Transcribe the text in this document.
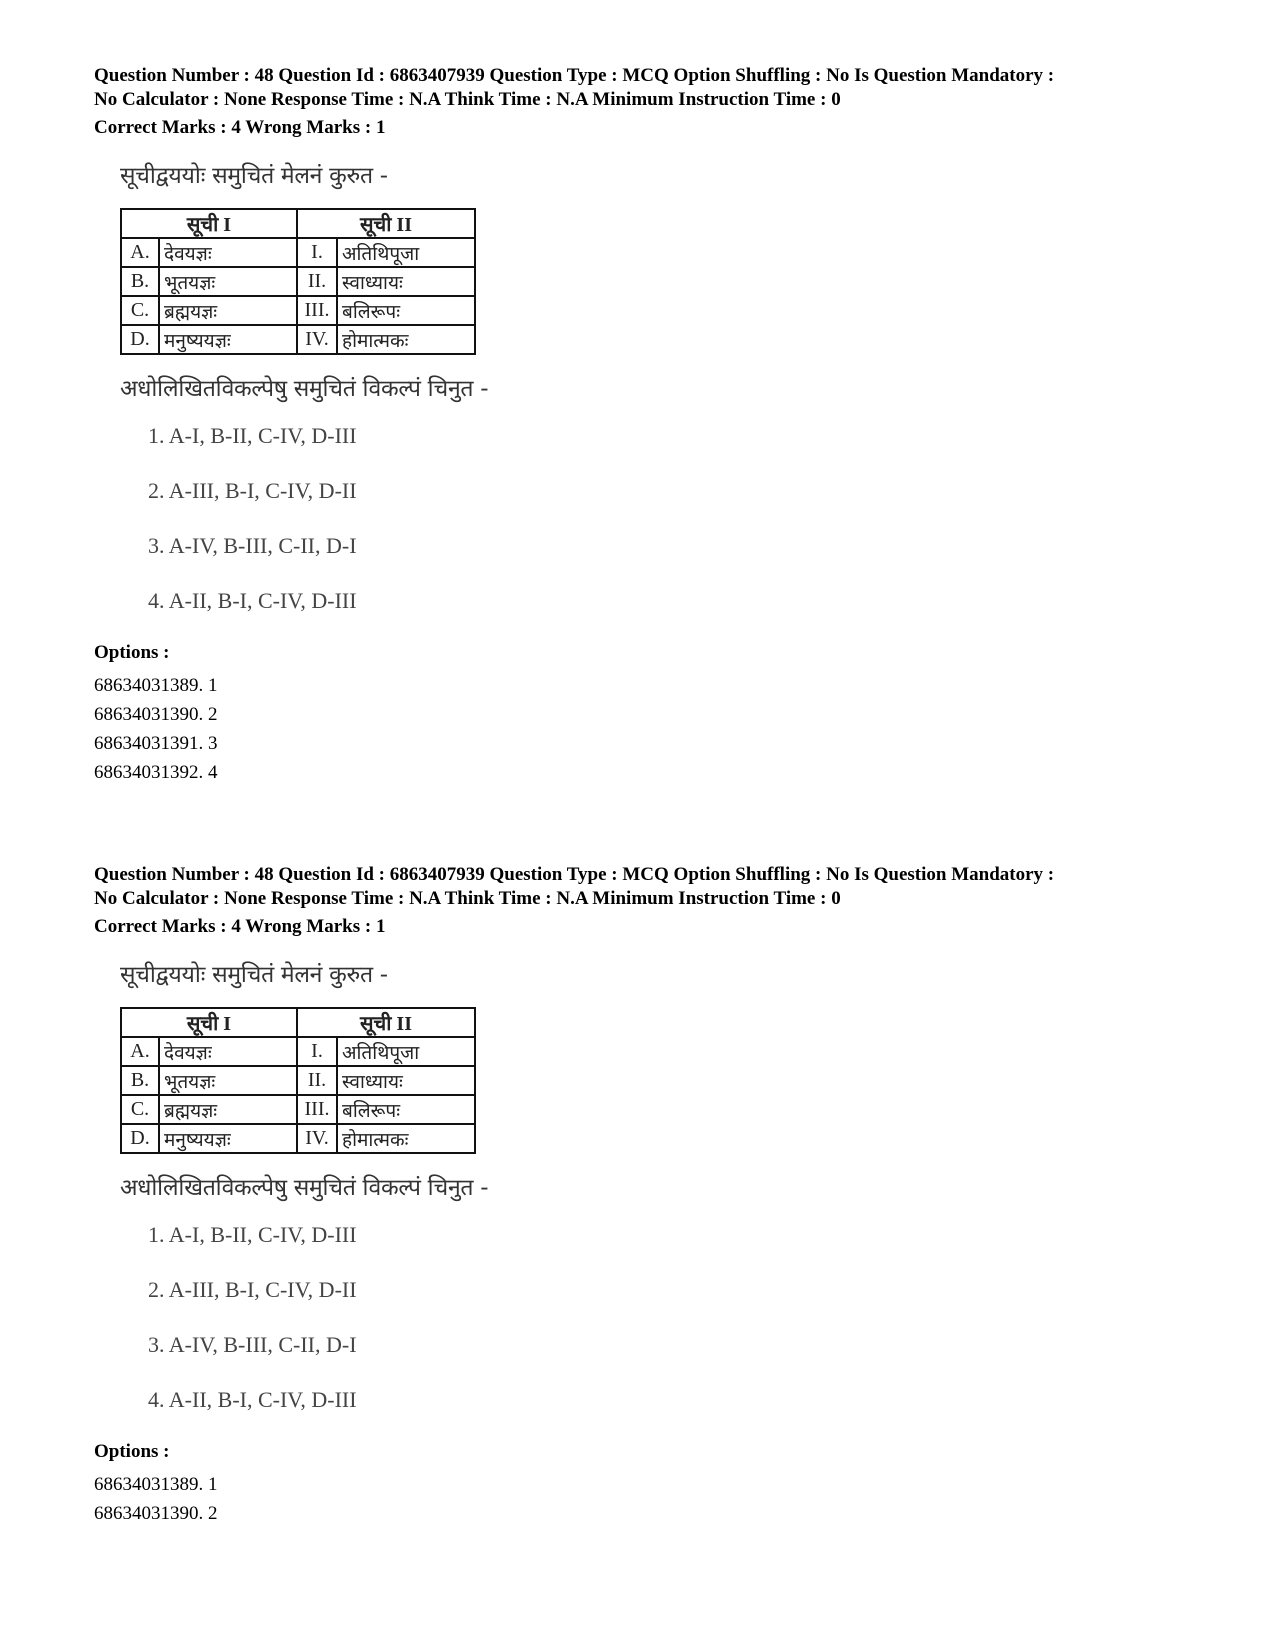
Question Number : 48 Question Id : 6863407939 Question Type : MCQ Option Shuffling : No Is Question Mandatory :

No Calculator : None Response Time : N.A Think Time : N.A Minimum Instruction Time : 0

Correct Marks : 4 Wrong Marks : 1

सूचीद्वययोः समुचितं मेलनं कुरुत -

सूची I		सूची II	
A.	देवयज्ञः	I.	अतिथिपूजा
B.	भूतयज्ञः	II.	स्वाध्यायः
C.	ब्रह्मयज्ञः	III.	बलिरूपः
D.	मनुष्ययज्ञः	IV.	होमात्मकः

अधोलिखितविकल्पेषु समुचितं विकल्पं चिनुत -

1. A-I, B-II, C-IV, D-III
2. A-III, B-I, C-IV, D-II
3. A-IV, B-III, C-II, D-I
4. A-II, B-I, C-IV, D-III
Options :
68634031389. 1
68634031390. 2
68634031391. 3
68634031392. 4

Question Number : 48 Question Id : 6863407939 Question Type : MCQ Option Shuffling : No Is Question Mandatory :

No Calculator : None Response Time : N.A Think Time : N.A Minimum Instruction Time : 0

Correct Marks : 4 Wrong Marks : 1

सूचीद्वययोः समुचितं मेलनं कुरुत -

सूची I		सूची II	
A.	देवयज्ञः	I.	अतिथिपूजा
B.	भूतयज्ञः	II.	स्वाध्यायः
C.	ब्रह्मयज्ञः	III.	बलिरूपः
D.	मनुष्ययज्ञः	IV.	होमात्मकः

अधोलिखितविकल्पेषु समुचितं विकल्पं चिनुत -

1. A-I, B-II, C-IV, D-III
2. A-III, B-I, C-IV, D-II
3. A-IV, B-III, C-II, D-I
4. A-II, B-I, C-IV, D-III
Options :
68634031389. 1
68634031390. 2
